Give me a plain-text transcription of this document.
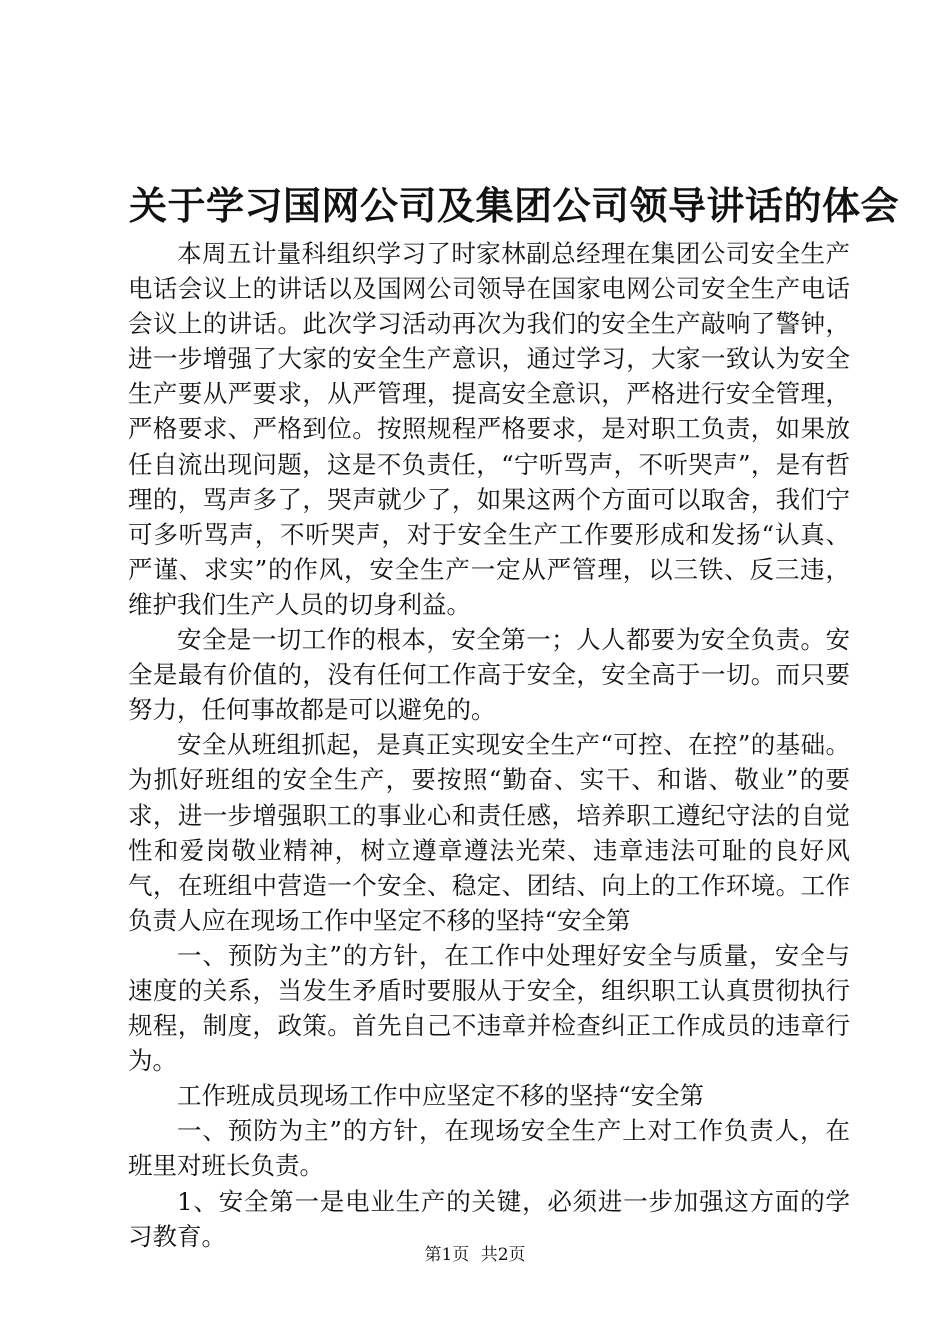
关于学习国网公司及集团公司领导讲话的体会

本周五计量科组织学习了时家林副总经理在集团公司安全生产电话会议上的讲话以及国网公司领导在国家电网公司安全生产电话会议上的讲话。此次学习活动再次为我们的安全生产敲响了警钟，进一步增强了大家的安全生产意识，通过学习，大家一致认为安全生产要从严要求，从严管理，提高安全意识，严格进行安全管理，严格要求、严格到位。按照规程严格要求，是对职工负责，如果放任自流出现问题，这是不负责任，“宁听骂声，不听哭声”，是有哲理的，骂声多了，哭声就少了，如果这两个方面可以取舍，我们宁可多听骂声，不听哭声，对于安全生产工作要形成和发扬“认真、严谨、求实”的作风，安全生产一定从严管理，以三铁、反三违，维护我们生产人员的切身利益。

安全是一切工作的根本，安全第一；人人都要为安全负责。安全是最有价值的，没有任何工作高于安全，安全高于一切。而只要努力，任何事故都是可以避免的。

安全从班组抓起，是真正实现安全生产“可控、在控”的基础。为抓好班组的安全生产，要按照“勤奋、实干、和谐、敬业”的要求，进一步增强职工的事业心和责任感，培养职工遵纪守法的自觉性和爱岗敬业精神，树立遵章遵法光荣、违章违法可耻的良好风气，在班组中营造一个安全、稳定、团结、向上的工作环境。工作负责人应在现场工作中坚定不移的坚持“安全第

一、预防为主”的方针，在工作中处理好安全与质量，安全与速度的关系，当发生矛盾时要服从于安全，组织职工认真贯彻执行规程，制度，政策。首先自己不违章并检查纠正工作成员的违章行为。

工作班成员现场工作中应坚定不移的坚持“安全第

一、预防为主”的方针，在现场安全生产上对工作负责人，在班里对班长负责。

1、安全第一是电业生产的关键，必须进一步加强这方面的学习教育。

第1页 共2页
